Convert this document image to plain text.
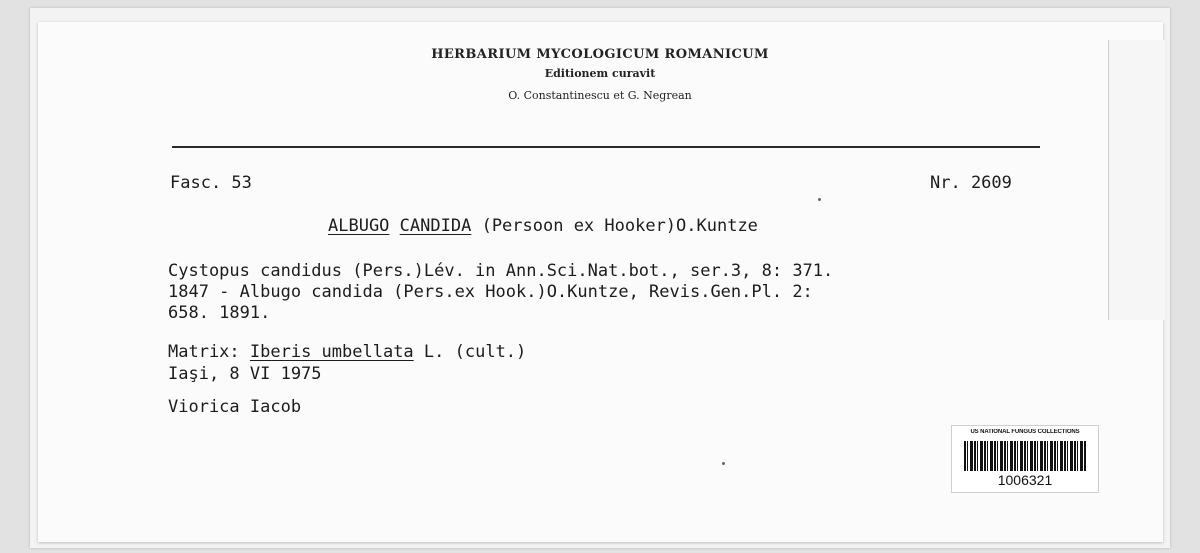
HERBARIUM MYCOLOGICUM ROMANICUM
Editionem curavit
O. Constantinescu et G. Negrean
Fasc. 53	Nr. 2609
ALBUGO CANDIDA (Persoon ex Hooker)O.Kuntze
Cystopus candidus (Pers.)Lév. in Ann.Sci.Nat.bot., ser.3, 8: 371.
1847 - Albugo candida (Pers.ex Hook.)O.Kuntze, Revis.Gen.Pl. 2:
658. 1891.
Matrix: Iberis umbellata L. (cult.)
Iaşi, 8 VI 1975
Viorica Iacob
US NATIONAL FUNGUS COLLECTIONS
1006321
